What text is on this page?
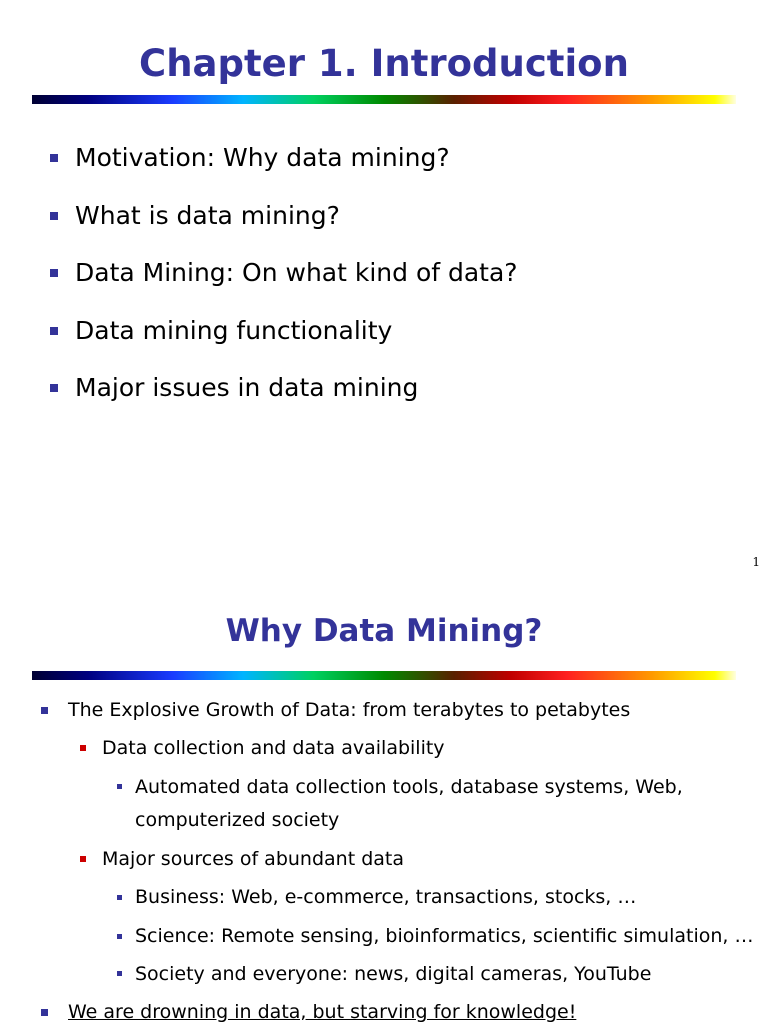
Chapter 1. Introduction
Motivation: Why data mining?
What is data mining?
Data Mining: On what kind of data?
Data mining functionality
Major issues in data mining
1
Why Data Mining?
The Explosive Growth of Data: from terabytes to petabytes
Data collection and data availability
Automated data collection tools, database systems, Web,
computerized society
Major sources of abundant data
Business: Web, e-commerce, transactions, stocks, …
Science: Remote sensing, bioinformatics, scientific simulation, …
Society and everyone: news, digital cameras, YouTube
We are drowning in data, but starving for knowledge!
